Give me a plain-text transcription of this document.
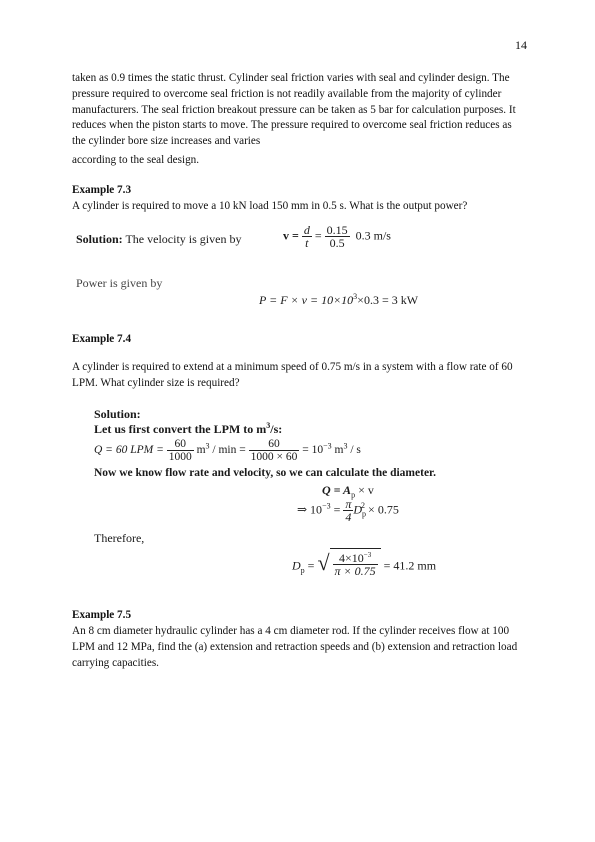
14
taken as 0.9 times the static thrust. Cylinder seal friction varies with seal and cylinder design. The pressure required to overcome seal friction is not readily available from the majority of cylinder manufacturers. The seal friction breakout pressure can be taken as 5 bar for calculation purposes. It reduces when the piston starts to move. The pressure required to overcome seal friction reduces as the cylinder bore size increases and varies
according to the seal design.
Example 7.3
A cylinder is required to move a 10 kN load 150 mm in 0.5 s. What is the output power?
Solution: The velocity is given by	$v = \frac{d}{t} = \frac{0.15}{0.5} 0.3$ m/s
Power is given by
$P = F \times v = 10\times 10^3\times 0.3 = 3$ kW
Example 7.4
A cylinder is required to extend at a minimum speed of 0.75 m/s in a system with a flow rate of 60 LPM. What cylinder size is required?
Solution:
Let us first convert the LPM to $m^3/s$:
Q = 60 LPM = $\frac{60}{1000} m^3 / \min = \frac{60}{1000 \times 60} = 10^{-3}$ $m^3$ / s
Now we know flow rate and velocity, so we can calculate the diameter.
$Q = A_p \times v$
⇒ $10^{-3} = \frac{\pi}{4} D_p^2 \times 0.75$
Therefore,
$D_p$ = √ $\frac{4\times 10^{-3}}{\pi \times 0.75} = 41.2$ mm
Example 7.5
An 8 cm diameter hydraulic cylinder has a 4 cm diameter rod. If the cylinder receives flow at 100 LPM and 12 MPa, find the (a) extension and retraction speeds and (b) extension and retraction load carrying capacities.
